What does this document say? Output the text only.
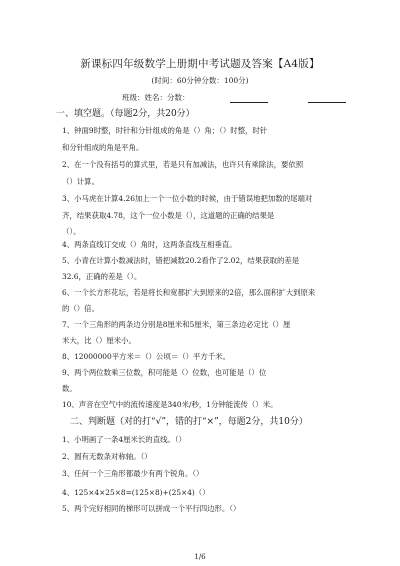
新课标四年级数学上册期中考试题及答案【A4版】
(时间：60分钟分数：100分)
班级：姓名：分数：
一、填空题。（每题2分，共20分）
1、钟面9时整，时针和分针组成的角是（）角；（）时整，时针
和分针组成的角是平角。
2、在一个没有括号的算式里，若是只有加减法，也许只有乘除法，要依照
（）计算。
3、小马虎在计算4.26加上一个一位小数的时候，由于错误地把加数的尾端对
齐，结果获取4.78，这个一位小数是（），这道题的正确的结果是
（）。
4、两条直线订交成（）角时，这两条直线互相垂直。
5、小青在计算小数减法时，错把减数20.2看作了2.02，结果获取的差是
32.6，正确的差是（）。
6、一个长方形花坛，若是将长和宽都扩大到原来的2倍，那么面积扩大到原来
的（）倍。
7、一个三角形的两条边分别是8厘米和5厘米，第三条边必定比（）厘
米大，比（）厘米小。
8、12000000平方米＝（）公顷＝（）平方千米。
9、两个两位数乘三位数，积可能是（）位数，也可能是（）位
数。
10、声音在空气中的流传速度是340米/秒，1分钟能流传（）米。
二、判断题（对的打“√”，错的打“×”，每题2分，共10分）
1、小明画了一条4厘米长的直线。（）
2、圆有无数条对称轴。（）
3、任何一个三角形都最少有两个锐角。（）
4、125×4×25×8=(125×8)+(25×4)（）
5、两个完好相同的梯形可以拼成一个平行四边形。（）
1/6
